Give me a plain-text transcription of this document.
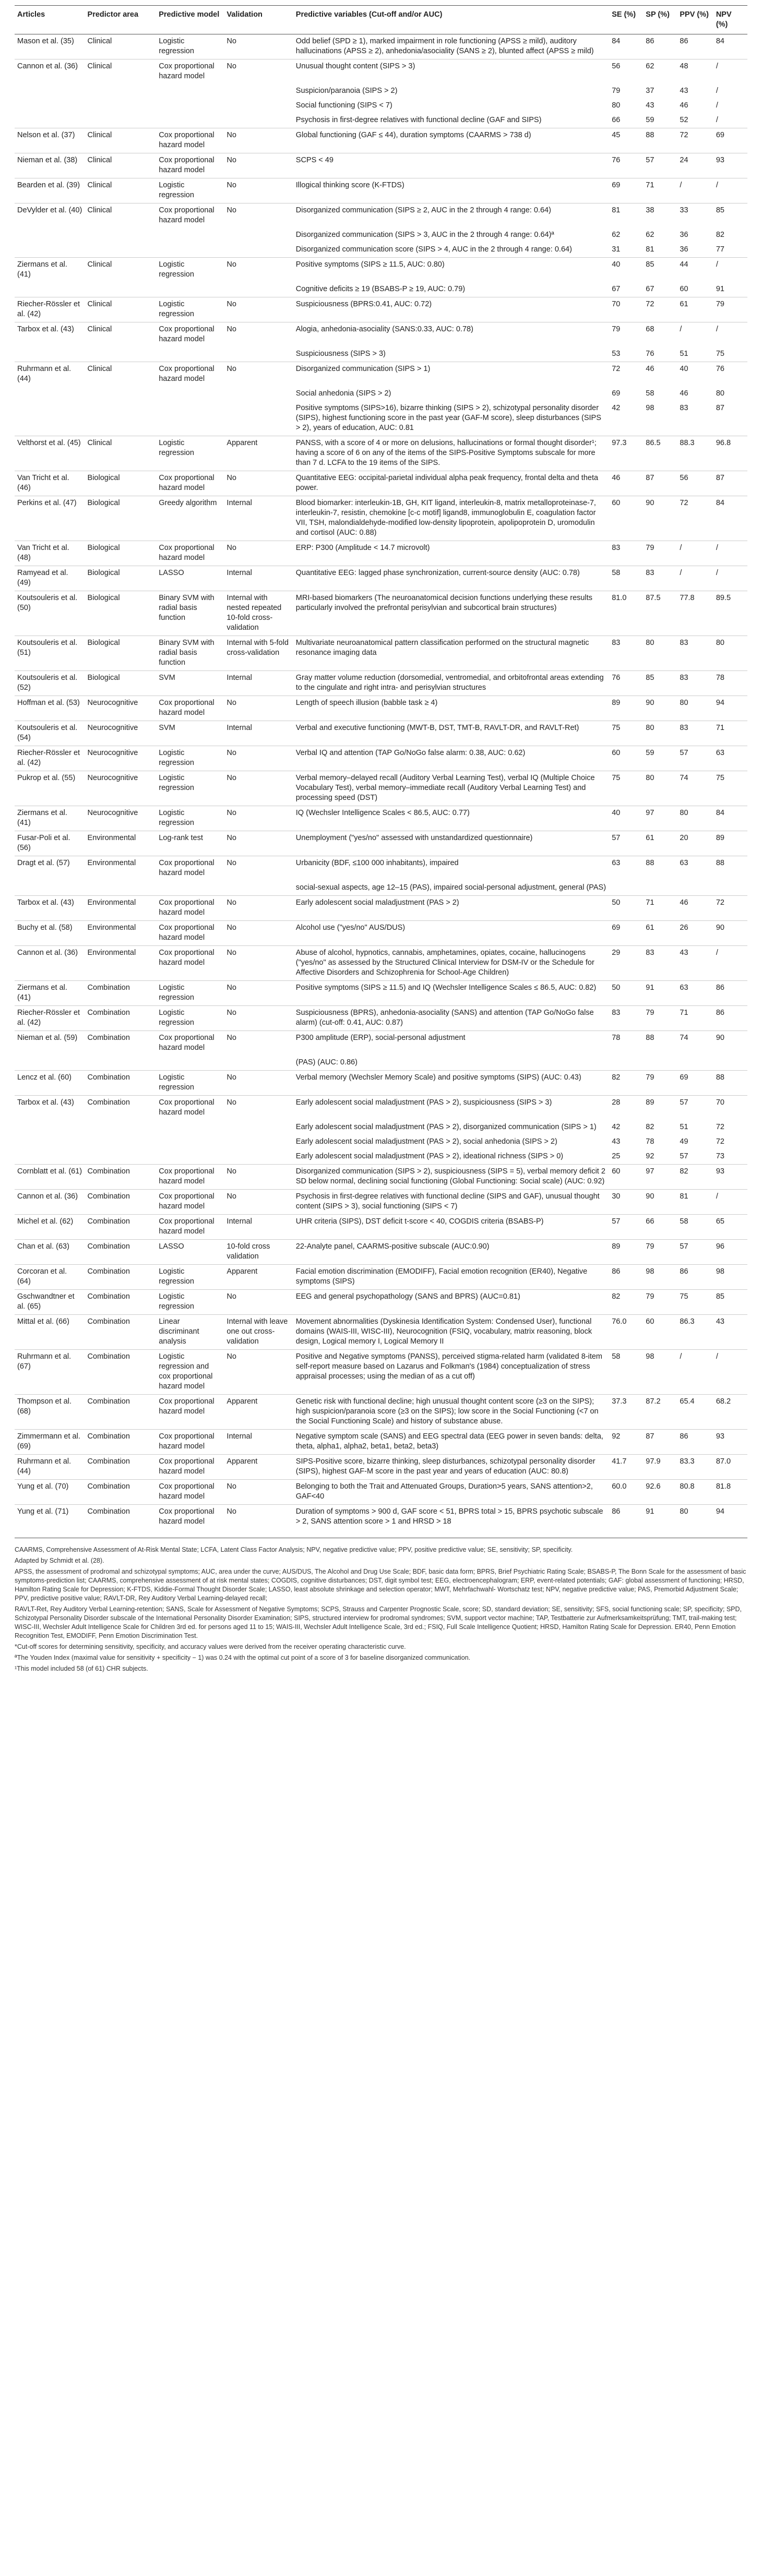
Articles	Predictor area	Predictive model	Validation	Predictive variables (Cut-off and/or AUC)	SE (%)	SP (%)	PPV (%)	NPV (%)
Mason et al. (35)	Clinical	Logistic regression	No	Odd belief (SPD ≥ 1), marked impairment in role functioning (APSS ≥ mild), auditory hallucinations (APSS ≥ 2), anhedonia/asociality (SANS ≥ 2), blunted affect (APSS ≥ mild)	84	86	86	84
Cannon et al. (36)	Clinical	Cox proportional hazard model	No	Unusual thought content (SIPS > 3)	56	62	48	/
				Suspicion/paranoia (SIPS > 2)	79	37	43	/
				Social functioning (SIPS < 7)	80	43	46	/
				Psychosis in first-degree relatives with functional decline (GAF and SIPS)	66	59	52	/
Nelson et al. (37)	Clinical	Cox proportional hazard model	No	Global functioning (GAF ≤ 44), duration symptoms (CAARMS > 738 d)	45	88	72	69
Nieman et al. (38)	Clinical	Cox proportional hazard model	No	SCPS < 49	76	57	24	93
Bearden et al. (39)	Clinical	Logistic regression	No	Illogical thinking score (K-FTDS)	69	71	/	/
DeVylder et al. (40)	Clinical	Cox proportional hazard model	No	Disorganized communication (SIPS ≥ 2, AUC in the 2 through 4 range: 0.64)	81	38	33	85
				Disorganized communication (SIPS > 3, AUC in the 2 through 4 range: 0.64)ª	62	62	36	82
				Disorganized communication score (SIPS > 4, AUC in the 2 through 4 range: 0.64)	31	81	36	77
Ziermans et al. (41)	Clinical	Logistic regression	No	Positive symptoms (SIPS ≥ 11.5, AUC: 0.80)	40	85	44	/
				Cognitive deficits ≥ 19 (BSABS-P ≥ 19, AUC: 0.79)	67	67	60	91
Riecher-Rössler et al. (42)	Clinical	Logistic regression	No	Suspiciousness (BPRS:0.41, AUC: 0.72)	70	72	61	79
Tarbox et al. (43)	Clinical	Cox proportional hazard model	No	Alogia, anhedonia-asociality (SANS:0.33, AUC: 0.78)	79	68	/	/
				Suspiciousness (SIPS > 3)	53	76	51	75
Ruhrmann et al. (44)	Clinical	Cox proportional hazard model	No	Disorganized communication (SIPS > 1)	72	46	40	76
				Social anhedonia (SIPS > 2)	69	58	46	80
				Positive symptoms (SIPS>16), bizarre thinking (SIPS > 2), schizotypal personality disorder (SIPS), highest functioning score in the past year (GAF-M score), sleep disturbances (SIPS > 2), years of education, AUC: 0.81	42	98	83	87
Velthorst et al. (45)	Clinical	Logistic regression	Apparent	PANSS, with a score of 4 or more on delusions, hallucinations or formal thought disorder¹; having a score of 6 on any of the items of the SIPS-Positive Symptoms subscale for more than 7 d. LCFA to the 19 items of the SIPS.	97.3	86.5	88.3	96.8
Van Tricht et al. (46)	Biological	Cox proportional hazard model	No	Quantitative EEG: occipital-parietal individual alpha peak frequency, frontal delta and theta power.	46	87	56	87
Perkins et al. (47)	Biological	Greedy algorithm	Internal	Blood biomarker: interleukin-1B, GH, KIT ligand, interleukin-8, matrix metalloproteinase-7, interleukin-7, resistin, chemokine [c-c motif] ligand8, immunoglobulin E, coagulation factor VII, TSH, malondialdehyde-modified low-density lipoprotein, apolipoprotein D, uromodulin and cortisol (AUC: 0.88)	60	90	72	84
Van Tricht et al. (48)	Biological	Cox proportional hazard model	No	ERP: P300 (Amplitude < 14.7 microvolt)	83	79	/	/
Ramyead et al. (49)	Biological	LASSO	Internal	Quantitative EEG: lagged phase synchronization, current-source density (AUC: 0.78)	58	83	/	/
Koutsouleris et al. (50)	Biological	Binary SVM with radial basis function	Internal with nested repeated 10-fold cross-validation	MRI-based biomarkers (The neuroanatomical decision functions underlying these results particularly involved the prefrontal perisylvian and subcortical brain structures)	81.0	87.5	77.8	89.5
Koutsouleris et al. (51)	Biological	Binary SVM with radial basis function	Internal with 5-fold cross-validation	Multivariate neuroanatomical pattern classification performed on the structural magnetic resonance imaging data	83	80	83	80
Koutsouleris et al. (52)	Biological	SVM	Internal	Gray matter volume reduction (dorsomedial, ventromedial, and orbitofrontal areas extending to the cingulate and right intra- and perisylvian structures	76	85	83	78
Hoffman et al. (53)	Neurocognitive	Cox proportional hazard model	No	Length of speech illusion (babble task ≥ 4)	89	90	80	94
Koutsouleris et al. (54)	Neurocognitive	SVM	Internal	Verbal and executive functioning (MWT-B, DST, TMT-B, RAVLT-DR, and RAVLT-Ret)	75	80	83	71
Riecher-Rössler et al. (42)	Neurocognitive	Logistic regression	No	Verbal IQ and attention (TAP Go/NoGo false alarm: 0.38, AUC: 0.62)	60	59	57	63
Pukrop et al. (55)	Neurocognitive	Logistic regression	No	Verbal memory–delayed recall (Auditory Verbal Learning Test), verbal IQ (Multiple Choice Vocabulary Test), verbal memory–immediate recall (Auditory Verbal Learning Test) and processing speed (DST)	75	80	74	75
Ziermans et al. (41)	Neurocognitive	Logistic regression	No	IQ (Wechsler Intelligence Scales < 86.5, AUC: 0.77)	40	97	80	84
Fusar-Poli et al. (56)	Environmental	Log-rank test	No	Unemployment ("yes/no" assessed with unstandardized questionnaire)	57	61	20	89
Dragt et al. (57)	Environmental	Cox proportional hazard model	No	Urbanicity (BDF, ≤100 000 inhabitants), impaired	63	88	63	88
				social-sexual aspects, age 12–15 (PAS), impaired social-personal adjustment, general (PAS)				
Tarbox et al. (43)	Environmental	Cox proportional hazard model	No	Early adolescent social maladjustment (PAS > 2)	50	71	46	72
Buchy et al. (58)	Environmental	Cox proportional hazard model	No	Alcohol use ("yes/no" AUS/DUS)	69	61	26	90
Cannon et al. (36)	Environmental	Cox proportional hazard model	No	Abuse of alcohol, hypnotics, cannabis, amphetamines, opiates, cocaine, hallucinogens ("yes/no" as assessed by the Structured Clinical Interview for DSM-IV or the Schedule for Affective Disorders and Schizophrenia for School-Age Children)	29	83	43	/
Ziermans et al. (41)	Combination	Logistic regression	No	Positive symptoms (SIPS ≥ 11.5) and IQ (Wechsler Intelligence Scales ≤ 86.5, AUC: 0.82)	50	91	63	86
Riecher-Rössler et al. (42)	Combination	Logistic regression	No	Suspiciousness (BPRS), anhedonia-asociality (SANS) and attention (TAP Go/NoGo false alarm) (cut-off: 0.41, AUC: 0.87)	83	79	71	86
Nieman et al. (59)	Combination	Cox proportional hazard model	No	P300 amplitude (ERP), social-personal adjustment	78	88	74	90
				(PAS) (AUC: 0.86)				
Lencz et al. (60)	Combination	Logistic regression	No	Verbal memory (Wechsler Memory Scale) and positive symptoms (SIPS) (AUC: 0.43)	82	79	69	88
Tarbox et al. (43)	Combination	Cox proportional hazard model	No	Early adolescent social maladjustment (PAS > 2), suspiciousness (SIPS > 3)	28	89	57	70
				Early adolescent social maladjustment (PAS > 2), disorganized communication (SIPS > 1)	42	82	51	72
				Early adolescent social maladjustment (PAS > 2), social anhedonia (SIPS > 2)	43	78	49	72
				Early adolescent social maladjustment (PAS > 2), ideational richness (SIPS > 0)	25	92	57	73
Cornblatt et al. (61)	Combination	Cox proportional hazard model	No	Disorganized communication (SIPS > 2), suspiciousness (SIPS = 5), verbal memory deficit 2 SD below normal, declining social functioning (Global Functioning: Social scale) (AUC: 0.92)	60	97	82	93
Cannon et al. (36)	Combination	Cox proportional hazard model	No	Psychosis in first-degree relatives with functional decline (SIPS and GAF), unusual thought content (SIPS > 3), social functioning (SIPS < 7)	30	90	81	/
Michel et al. (62)	Combination	Cox proportional hazard model	Internal	UHR criteria (SIPS), DST deficit t-score < 40, COGDIS criteria (BSABS-P)	57	66	58	65
Chan et al. (63)	Combination	LASSO	10-fold cross validation	22-Analyte panel, CAARMS-positive subscale (AUC:0.90)	89	79	57	96
Corcoran et al. (64)	Combination	Logistic regression	Apparent	Facial emotion discrimination (EMODIFF), Facial emotion recognition (ER40), Negative symptoms (SIPS)	86	98	86	98
Gschwandtner et al. (65)	Combination	Logistic regression	No	EEG and general psychopathology (SANS and BPRS) (AUC=0.81)	82	79	75	85
Mittal et al. (66)	Combination	Linear discriminant analysis	Internal with leave one out cross-validation	Movement abnormalities (Dyskinesia Identification System: Condensed User), functional domains (WAIS-III, WISC-III), Neurocognition (FSIQ, vocabulary, matrix reasoning, block design, Logical memory I, Logical Memory II	76.0	60	86.3	43
Ruhrmann et al. (67)	Combination	Logistic regression and cox proportional hazard model	No	Positive and Negative symptoms (PANSS), perceived stigma-related harm (validated 8-item self-report measure based on Lazarus and Folkman's (1984) conceptualization of stress appraisal processes; using the median of as a cut off)	58	98	/	/
Thompson et al. (68)	Combination	Cox proportional hazard model	Apparent	Genetic risk with functional decline; high unusual thought content score (≥3 on the SIPS); high suspicion/paranoia score (≥3 on the SIPS); low score in the Social Functioning (<7 on the Social Functioning Scale) and history of substance abuse.	37.3	87.2	65.4	68.2
Zimmermann et al. (69)	Combination	Cox proportional hazard model	Internal	Negative symptom scale (SANS) and EEG spectral data (EEG power in seven bands: delta, theta, alpha1, alpha2, beta1, beta2, beta3)	92	87	86	93
Ruhrmann et al. (44)	Combination	Cox proportional hazard model	Apparent	SIPS-Positive score, bizarre thinking, sleep disturbances, schizotypal personality disorder (SIPS), highest GAF-M score in the past year and years of education (AUC: 80.8)	41.7	97.9	83.3	87.0
Yung et al. (70)	Combination	Cox proportional hazard model	No	Belonging to both the Trait and Attenuated Groups, Duration>5 years, SANS attention>2, GAF<40	60.0	92.6	80.8	81.8
Yung et al. (71)	Combination	Cox proportional hazard model	No	Duration of symptoms > 900 d, GAF score < 51, BPRS total > 15, BPRS psychotic subscale > 2, SANS attention score > 1 and HRSD > 18	86	91	80	94

CAARMS, Comprehensive Assessment of At-Risk Mental State; LCFA, Latent Class Factor Analysis; NPV, negative predictive value; PPV, positive predictive value; SE, sensitivity; SP, specificity.

Adapted by Schmidt et al. (28).

APSS, the assessment of prodromal and schizotypal symptoms; AUC, area under the curve; AUS/DUS, The Alcohol and Drug Use Scale; BDF, basic data form; BPRS, Brief Psychiatric Rating Scale; BSABS-P, The Bonn Scale for the assessment of basic symptoms-prediction list; CAARMS, comprehensive assessment of at risk mental states; COGDIS, cognitive disturbances; DST, digit symbol test; EEG, electroencephalogram; ERP, event-related potentials; GAF: global assessment of functioning; HRSD, Hamilton Rating Scale for Depression; K-FTDS, Kiddie-Formal Thought Disorder Scale; LASSO, least absolute shrinkage and selection operator; MWT, Mehrfachwahl- Wortschatz test; NPV, negative predictive value; PAS, Premorbid Adjustment Scale; PPV, predictive positive value; RAVLT-DR, Rey Auditory Verbal Learning-delayed recall;

RAVLT-Ret, Rey Auditory Verbal Learning-retention; SANS, Scale for Assessment of Negative Symptoms; SCPS, Strauss and Carpenter Prognostic Scale, score; SD, standard deviation; SE, sensitivity; SFS, social functioning scale; SP, specificity; SPD, Schizotypal Personality Disorder subscale of the International Personality Disorder Examination; SIPS, structured interview for prodromal syndromes; SVM, support vector machine; TAP, Testbatterie zur Aufmerksamkeitsprüfung; TMT, trail-making test; WISC-III, Wechsler Adult Intelligence Scale for Children 3rd ed. for persons aged 11 to 15; WAIS-III, Wechsler Adult Intelligence Scale, 3rd ed.; FSIQ, Full Scale Intelligence Quotient; HRSD, Hamilton Rating Scale for Depression. ER40, Penn Emotion Recognition Test, EMODIFF, Penn Emotion Discrimination Test.

*Cut-off scores for determining sensitivity, specificity, and accuracy values were derived from the receiver operating characteristic curve.

ªThe Youden Index (maximal value for sensitivity + specificity − 1) was 0.24 with the optimal cut point of a score of 3 for baseline disorganized communication.

¹This model included 58 (of 61) CHR subjects.
